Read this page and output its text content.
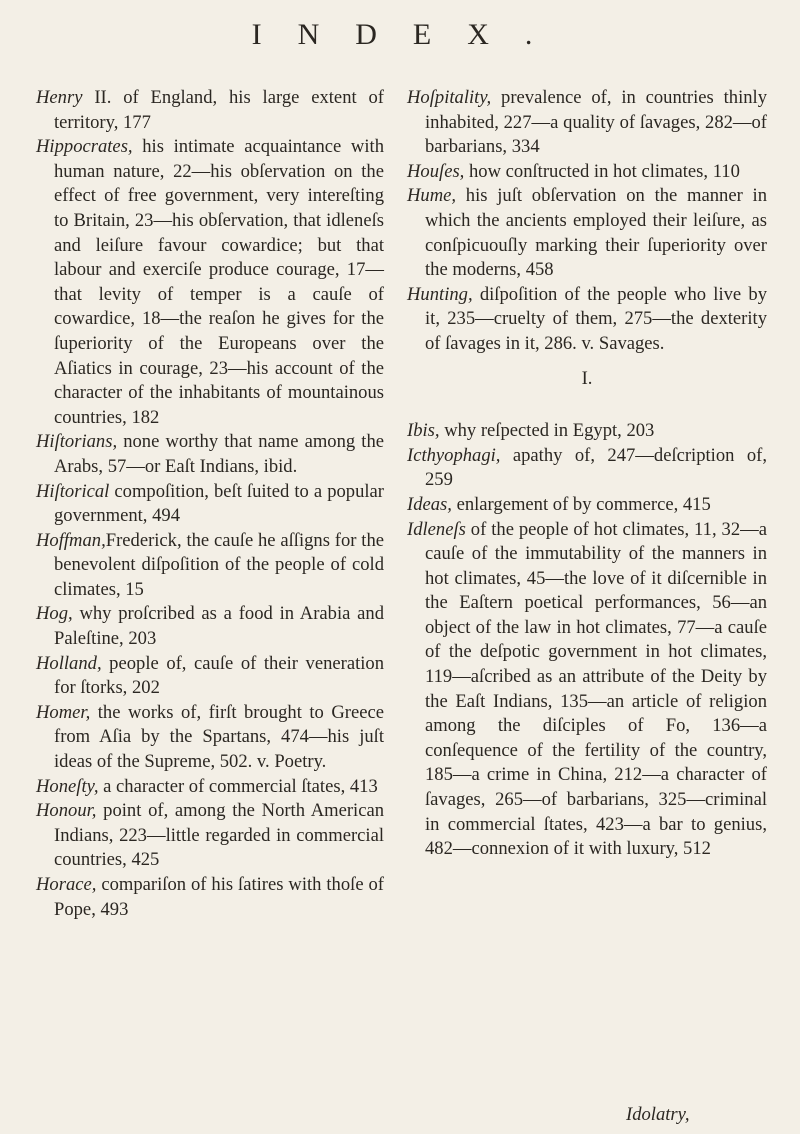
INDEX.

Henry II. of England, his large extent of territory, 177

Hippocrates, his intimate acquaintance with human nature, 22—his obſervation on the effect of free government, very intereſting to Britain, 23—his obſervation, that idleneſs and leiſure favour cowardice; but that labour and exerciſe produce courage, 17—that levity of temper is a cauſe of cowardice, 18—the reaſon he gives for the ſuperiority of the Europeans over the Aſiatics in courage, 23—his account of the character of the inhabitants of mountainous countries, 182

Hiſtorians, none worthy that name among the Arabs, 57—or Eaſt Indians, ibid.

Hiſtorical compoſition, beſt ſuited to a popular government, 494

Hoffman,Frederick, the cauſe he aſſigns for the benevolent diſpoſition of the people of cold climates, 15

Hog, why proſcribed as a food in Arabia and Paleſtine, 203

Holland, people of, cauſe of their veneration for ſtorks, 202

Homer, the works of, firſt brought to Greece from Aſia by the Spartans, 474—his juſt ideas of the Supreme, 502. v. Poetry.

Honeſty, a character of commercial ſtates, 413

Honour, point of, among the North American Indians, 223—little regarded in commercial countries, 425

Horace, compariſon of his ſatires with thoſe of Pope, 493

Hoſpitality, prevalence of, in countries thinly inhabited, 227—a quality of ſavages, 282—of barbarians, 334

Houſes, how conſtructed in hot climates, 110

Hume, his juſt obſervation on the manner in which the ancients employed their leiſure, as conſpicuouſly marking their ſuperiority over the moderns, 458

Hunting, diſpoſition of the people who live by it, 235—cruelty of them, 275—the dexterity of ſavages in it, 286. v. Savages.

I.

Ibis, why reſpected in Egypt, 203

Icthyophagi, apathy of, 247—deſcription of, 259

Ideas, enlargement of by commerce, 415

Idleneſs of the people of hot climates, 11, 32—a cauſe of the immutability of the manners in hot climates, 45—the love of it diſcernible in the Eaſtern poetical performances, 56—an object of the law in hot climates, 77—a cauſe of the deſpotic government in hot climates, 119—aſcribed as an attribute of the Deity by the Eaſt Indians, 135—an article of religion among the diſciples of Fo, 136—a conſequence of the fertility of the country, 185—a crime in China, 212—a character of ſavages, 265—of barbarians, 325—criminal in commercial ſtates, 423—a bar to genius, 482—connexion of it with luxury, 512

Idolatry,
